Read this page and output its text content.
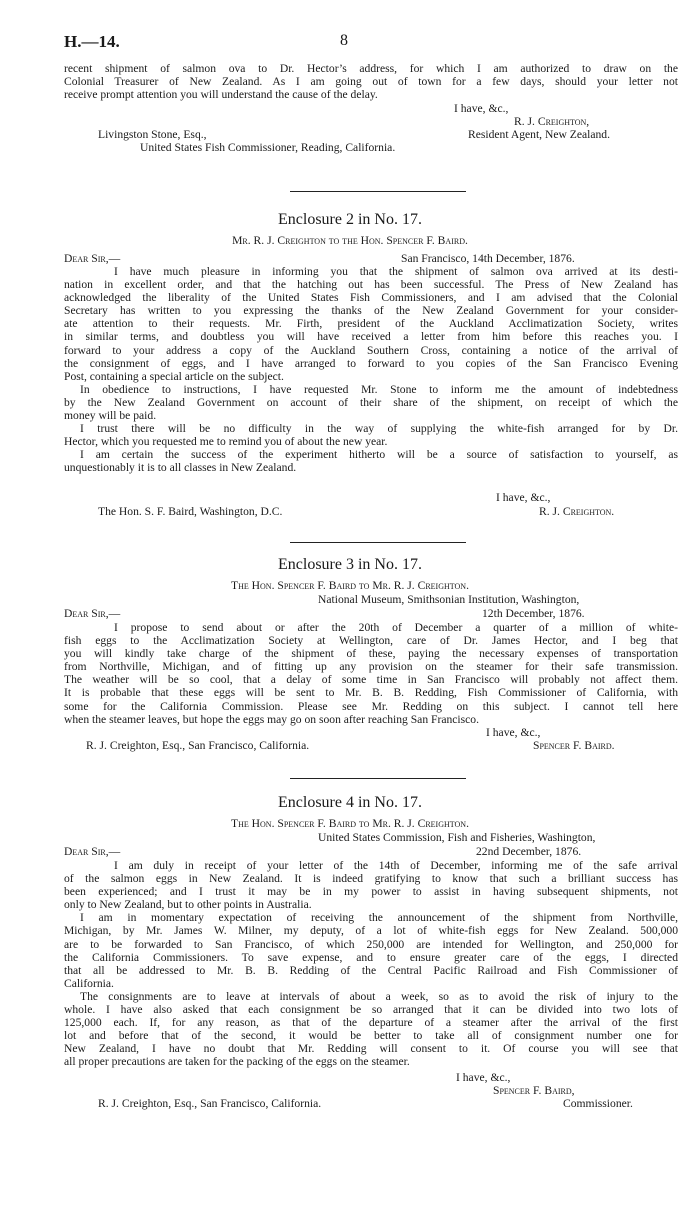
H.—14.	8
recent shipment of salmon ova to Dr. Hector’s address, for which I am authorized to draw on the
Colonial Treasurer of New Zealand. As I am going out of town for a few days, should your letter not
receive prompt attention you will understand the cause of the delay.
I have, &c.,
R. J. Creighton,
Livingston Stone, Esq.,	Resident Agent, New Zealand.
United States Fish Commissioner, Reading, California.
Enclosure 2 in No. 17.
Mr. R. J. Creighton to the Hon. Spencer F. Baird.
Dear Sir,—	San Francisco, 14th December, 1876.
I have much pleasure in informing you that the shipment of salmon ova arrived at its desti-
nation in excellent order, and that the hatching out has been successful. The Press of New Zealand has
acknowledged the liberality of the United States Fish Commissioners, and I am advised that the Colonial
Secretary has written to you expressing the thanks of the New Zealand Government for your consider-
ate attention to their requests. Mr. Firth, president of the Auckland Acclimatization Society, writes
in similar terms, and doubtless you will have received a letter from him before this reaches you. I
forward to your address a copy of the Auckland Southern Cross, containing a notice of the arrival of
the consignment of eggs, and I have arranged to forward to you copies of the San Francisco Evening
Post, containing a special article on the subject.
In obedience to instructions, I have requested Mr. Stone to inform me the amount of indebtedness
by the New Zealand Government on account of their share of the shipment, on receipt of which the
money will be paid.
I trust there will be no difficulty in the way of supplying the white-fish arranged for by Dr.
Hector, which you requested me to remind you of about the new year.
I am certain the success of the experiment hitherto will be a source of satisfaction to yourself, as
unquestionably it is to all classes in New Zealand.
I have, &c.,
The Hon. S. F. Baird, Washington, D.C.	R. J. Creighton.
Enclosure 3 in No. 17.
The Hon. Spencer F. Baird to Mr. R. J. Creighton.
National Museum, Smithsonian Institution, Washington,
Dear Sir,—	12th December, 1876.
I propose to send about or after the 20th of December a quarter of a million of white-
fish eggs to the Acclimatization Society at Wellington, care of Dr. James Hector, and I beg that
you will kindly take charge of the shipment of these, paying the necessary expenses of transportation
from Northville, Michigan, and of fitting up any provision on the steamer for their safe transmission.
The weather will be so cool, that a delay of some time in San Francisco will probably not affect them.
It is probable that these eggs will be sent to Mr. B. B. Redding, Fish Commissioner of California, with
some for the California Commission. Please see Mr. Redding on this subject. I cannot tell here
when the steamer leaves, but hope the eggs may go on soon after reaching San Francisco.
I have, &c.,
R. J. Creighton, Esq., San Francisco, California.	Spencer F. Baird.
Enclosure 4 in No. 17.
The Hon. Spencer F. Baird to Mr. R. J. Creighton.
United States Commission, Fish and Fisheries, Washington,
Dear Sir,—	22nd December, 1876.
I am duly in receipt of your letter of the 14th of December, informing me of the safe arrival
of the salmon eggs in New Zealand. It is indeed gratifying to know that such a brilliant success has
been experienced; and I trust it may be in my power to assist in having subsequent shipments, not
only to New Zealand, but to other points in Australia.
I am in momentary expectation of receiving the announcement of the shipment from Northville,
Michigan, by Mr. James W. Milner, my deputy, of a lot of white-fish eggs for New Zealand. 500,000
are to be forwarded to San Francisco, of which 250,000 are intended for Wellington, and 250,000 for
the California Commissioners. To save expense, and to ensure greater care of the eggs, I directed
that all be addressed to Mr. B. B. Redding of the Central Pacific Railroad and Fish Commissioner of
California.
The consignments are to leave at intervals of about a week, so as to avoid the risk of injury to the
whole. I have also asked that each consignment be so arranged that it can be divided into two lots of
125,000 each. If, for any reason, as that of the departure of a steamer after the arrival of the first
lot and before that of the second, it would be better to take all of consignment number one for
New Zealand, I have no doubt that Mr. Redding will consent to it. Of course you will see that
all proper precautions are taken for the packing of the eggs on the steamer.
I have, &c.,
Spencer F. Baird,
R. J. Creighton, Esq., San Francisco, California.	Commissioner.
